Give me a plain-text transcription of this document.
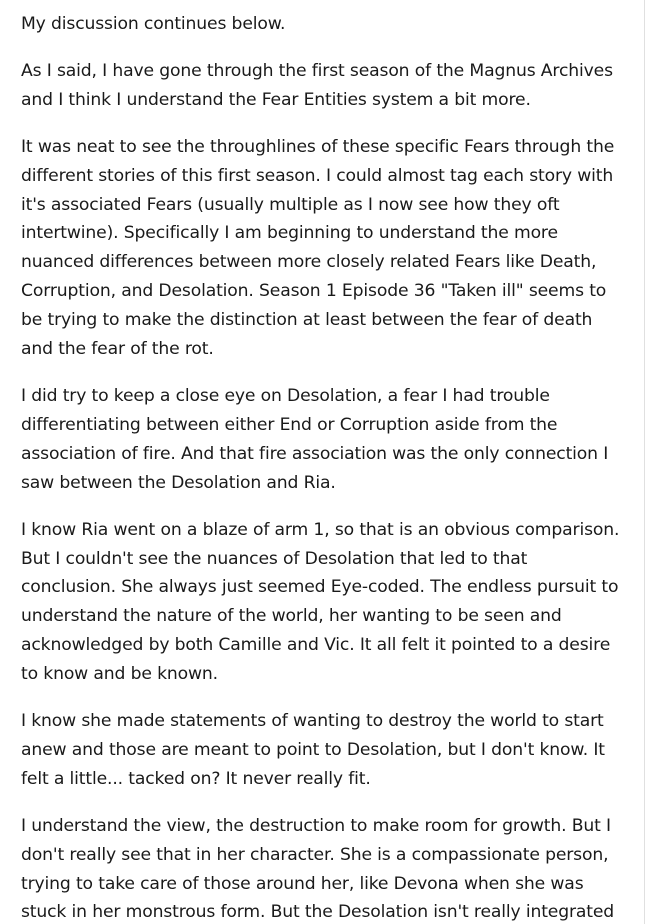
My discussion continues below.

As I said, I have gone through the first season of the Magnus Archives and I think I understand the Fear Entities system a bit more.

It was neat to see the throughlines of these specific Fears through the different stories of this first season. I could almost tag each story with it's associated Fears (usually multiple as I now see how they oft intertwine). Specifically I am beginning to understand the more nuanced differences between more closely related Fears like Death, Corruption, and Desolation. Season 1 Episode 36 "Taken ill" seems to be trying to make the distinction at least between the fear of death and the fear of the rot.

I did try to keep a close eye on Desolation, a fear I had trouble differentiating between either End or Corruption aside from the association of fire. And that fire association was the only connection I saw between the Desolation and Ria.

I know Ria went on a blaze of arm 1, so that is an obvious comparison. But I couldn't see the nuances of Desolation that led to that conclusion. She always just seemed Eye-coded. The endless pursuit to understand the nature of the world, her wanting to be seen and acknowledged by both Camille and Vic. It all felt it pointed to a desire to know and be known.

I know she made statements of wanting to destroy the world to start anew and those are meant to point to Desolation, but I don't know. It felt a little... tacked on? It never really fit.

I understand the view, the destruction to make room for growth. But I don't really see that in her character. She is a compassionate person, trying to take care of those around her, like Devona when she was stuck in her monstrous form. But the Desolation isn't really integrated
